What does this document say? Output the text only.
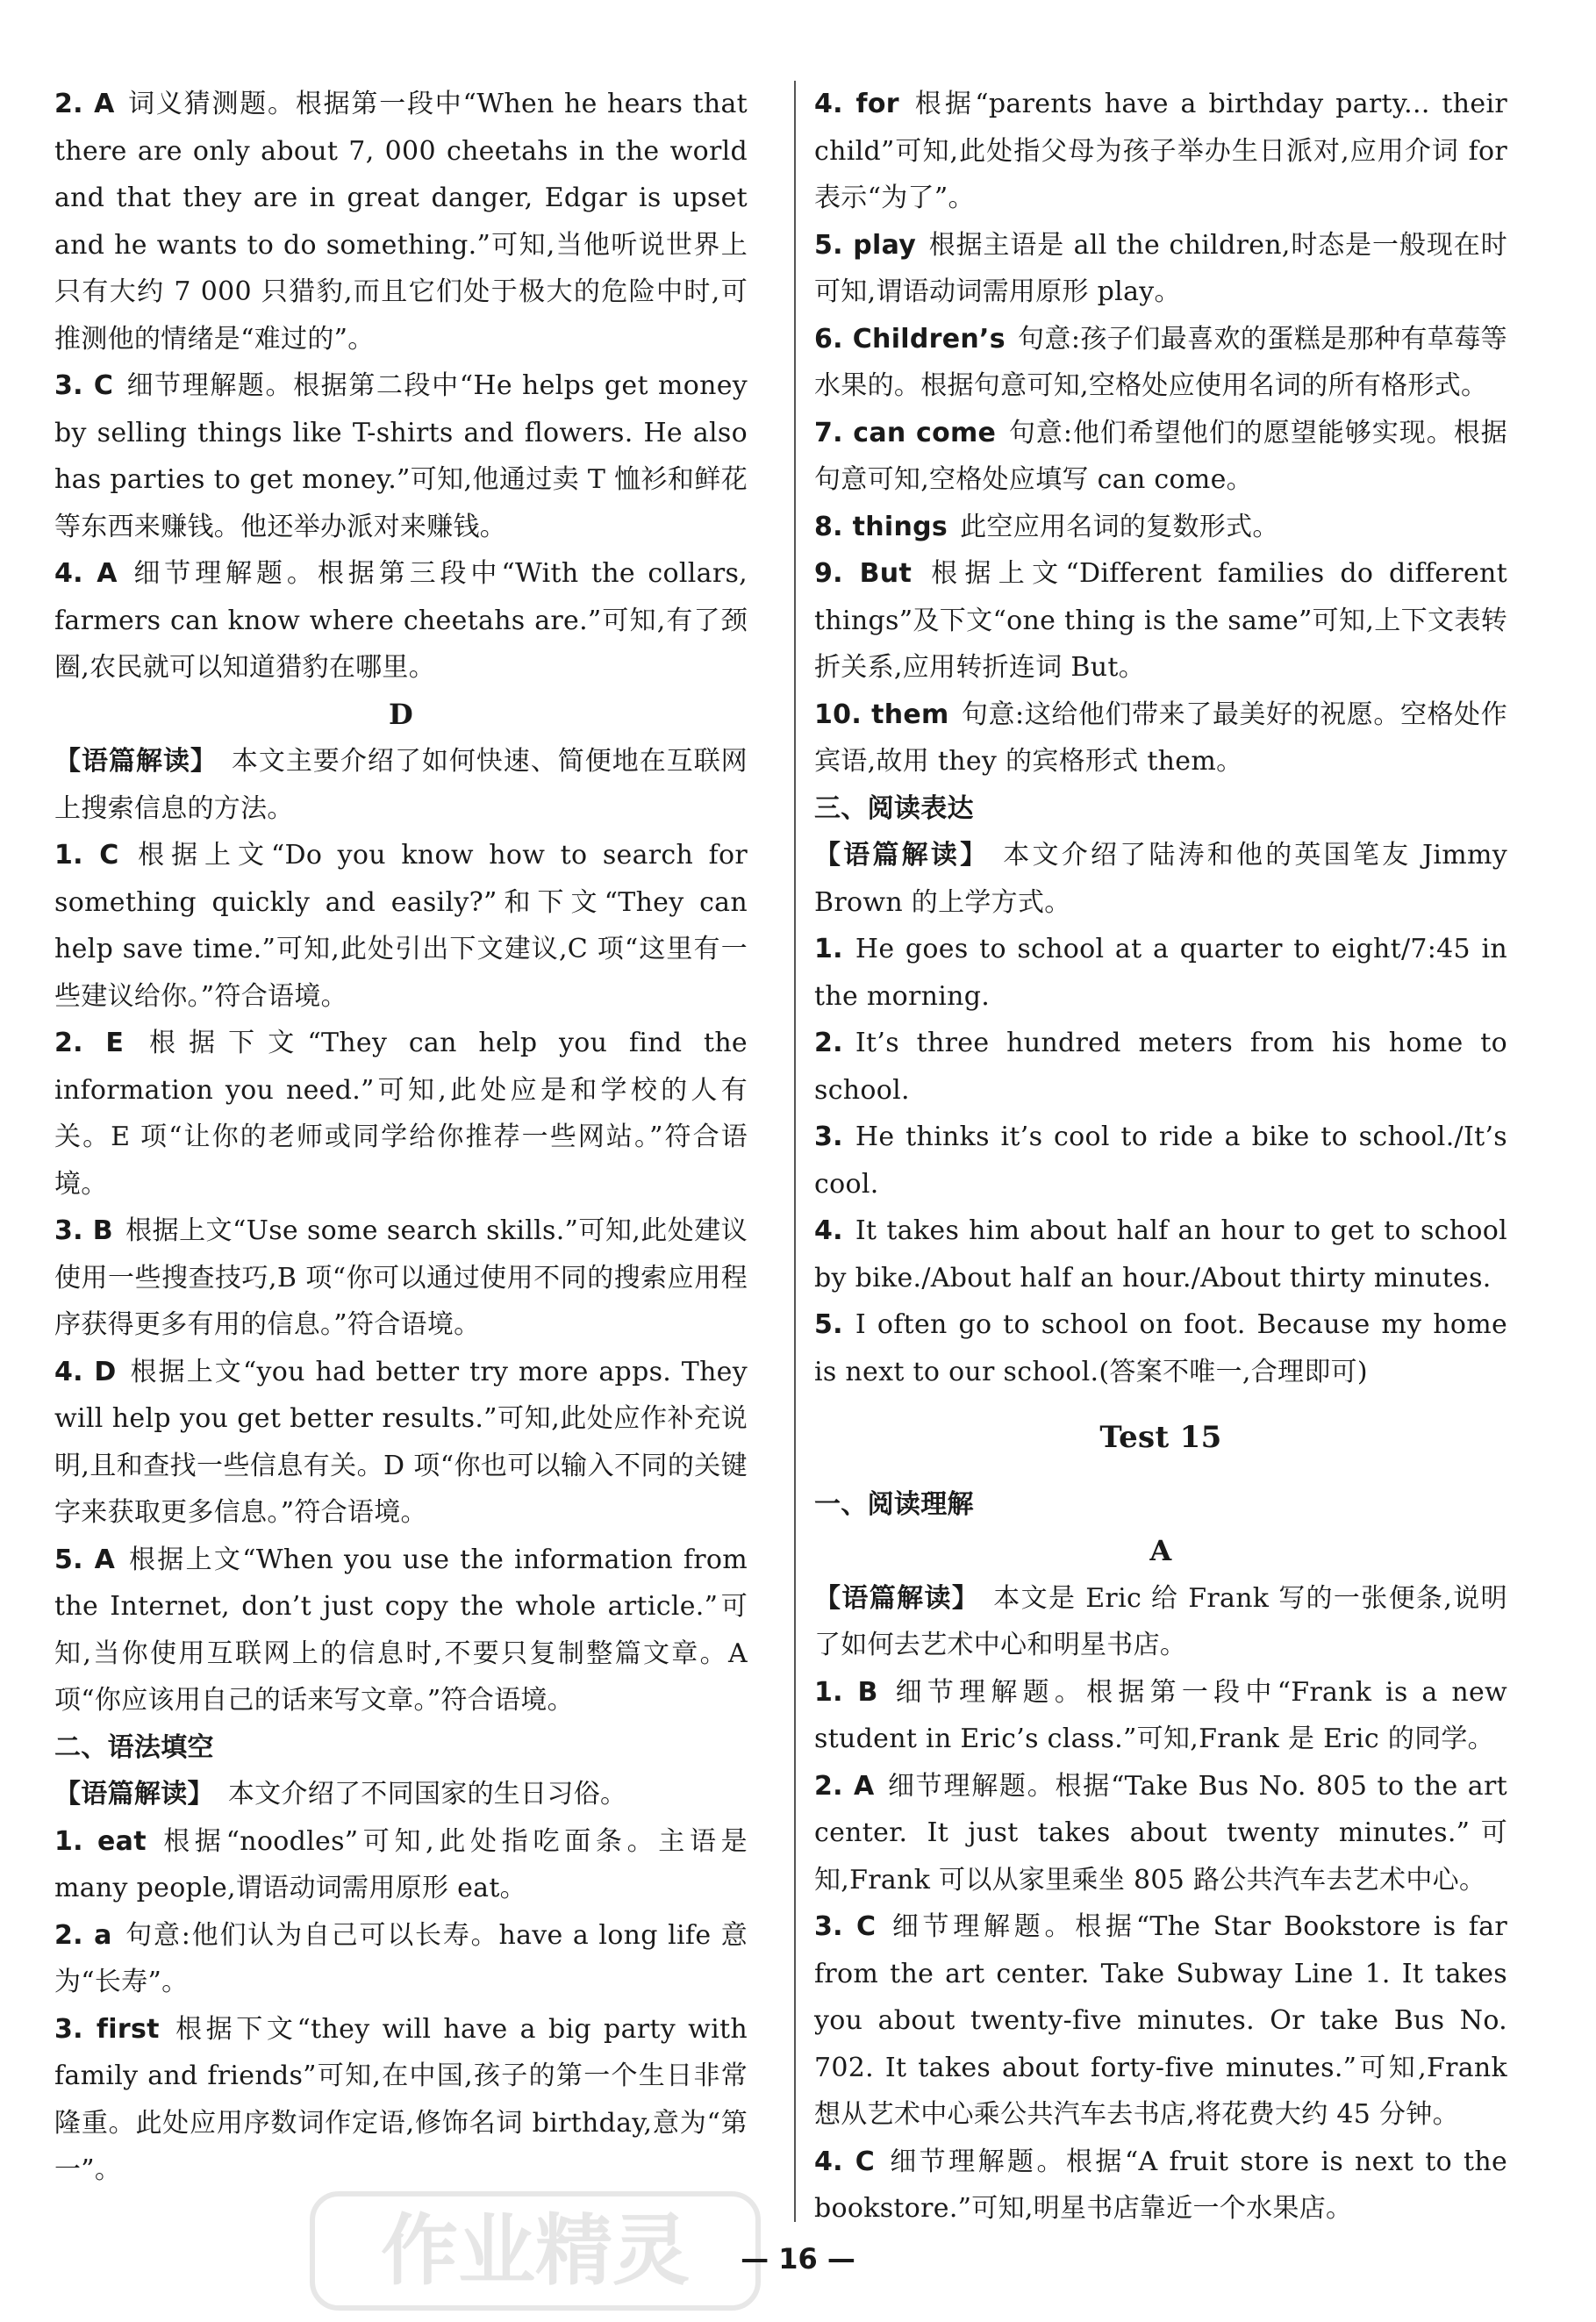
2. A 词义猜测题。根据第一段中“When he hears that there are only about 7, 000 cheetahs in the world and that they are in great danger, Edgar is upset and he wants to do something.”可知,当他听说世界上只有大约 7 000 只猎豹,而且它们处于极大的危险中时,可推测他的情绪是“难过的”。

3. C 细节理解题。根据第二段中“He helps get money by selling things like T-shirts and flowers. He also has parties to get money.”可知,他通过卖 T 恤衫和鲜花等东西来赚钱。他还举办派对来赚钱。

4. A 细节理解题。根据第三段中“With the collars, farmers can know where cheetahs are.”可知,有了颈圈,农民就可以知道猎豹在哪里。

D

【语篇解读】 本文主要介绍了如何快速、简便地在互联网上搜索信息的方法。

1. C 根据上文“Do you know how to search for something quickly and easily?”和下文“They can help save time.”可知,此处引出下文建议,C 项“这里有一些建议给你。”符合语境。

2. E 根据下文“They can help you find the information you need.”可知,此处应是和学校的人有关。E 项“让你的老师或同学给你推荐一些网站。”符合语境。

3. B 根据上文“Use some search skills.”可知,此处建议使用一些搜查技巧,B 项“你可以通过使用不同的搜索应用程序获得更多有用的信息。”符合语境。

4. D 根据上文“you had better try more apps. They will help you get better results.”可知,此处应作补充说明,且和查找一些信息有关。D 项“你也可以输入不同的关键字来获取更多信息。”符合语境。

5. A 根据上文“When you use the information from the Internet, don’t just copy the whole article.”可知,当你使用互联网上的信息时,不要只复制整篇文章。A 项“你应该用自己的话来写文章。”符合语境。

二、语法填空

【语篇解读】 本文介绍了不同国家的生日习俗。

1. eat 根据“noodles”可知,此处指吃面条。主语是 many people,谓语动词需用原形 eat。

2. a 句意:他们认为自己可以长寿。have a long life 意为“长寿”。

3. first 根据下文“they will have a big party with family and friends”可知,在中国,孩子的第一个生日非常隆重。此处应用序数词作定语,修饰名词 birthday,意为“第一”。

4. for 根据“parents have a birthday party... their child”可知,此处指父母为孩子举办生日派对,应用介词 for 表示“为了”。

5. play 根据主语是 all the children,时态是一般现在时可知,谓语动词需用原形 play。

6. Children’s 句意:孩子们最喜欢的蛋糕是那种有草莓等水果的。根据句意可知,空格处应使用名词的所有格形式。

7. can come 句意:他们希望他们的愿望能够实现。根据句意可知,空格处应填写 can come。

8. things 此空应用名词的复数形式。

9. But 根据上文“Different families do different things”及下文“one thing is the same”可知,上下文表转折关系,应用转折连词 But。

10. them 句意:这给他们带来了最美好的祝愿。空格处作宾语,故用 they 的宾格形式 them。

三、阅读表达

【语篇解读】 本文介绍了陆涛和他的英国笔友 Jimmy Brown 的上学方式。

1. He goes to school at a quarter to eight/7:45 in the morning.

2. It’s three hundred meters from his home to school.

3. He thinks it’s cool to ride a bike to school./It’s cool.

4. It takes him about half an hour to get to school by bike./About half an hour./About thirty minutes.

5. I often go to school on foot. Because my home is next to our school.(答案不唯一,合理即可)

Test 15

一、阅读理解

A

【语篇解读】 本文是 Eric 给 Frank 写的一张便条,说明了如何去艺术中心和明星书店。

1. B 细节理解题。根据第一段中“Frank is a new student in Eric’s class.”可知,Frank 是 Eric 的同学。

2. A 细节理解题。根据“Take Bus No. 805 to the art center. It just takes about twenty minutes.”可知,Frank 可以从家里乘坐 805 路公共汽车去艺术中心。

3. C 细节理解题。根据“The Star Bookstore is far from the art center. Take Subway Line 1. It takes you about twenty-five minutes. Or take Bus No. 702. It takes about forty-five minutes.”可知,Frank 想从艺术中心乘公共汽车去书店,将花费大约 45 分钟。

4. C 细节理解题。根据“A fruit store is next to the bookstore.”可知,明星书店靠近一个水果店。

作业精灵	— 16 —
